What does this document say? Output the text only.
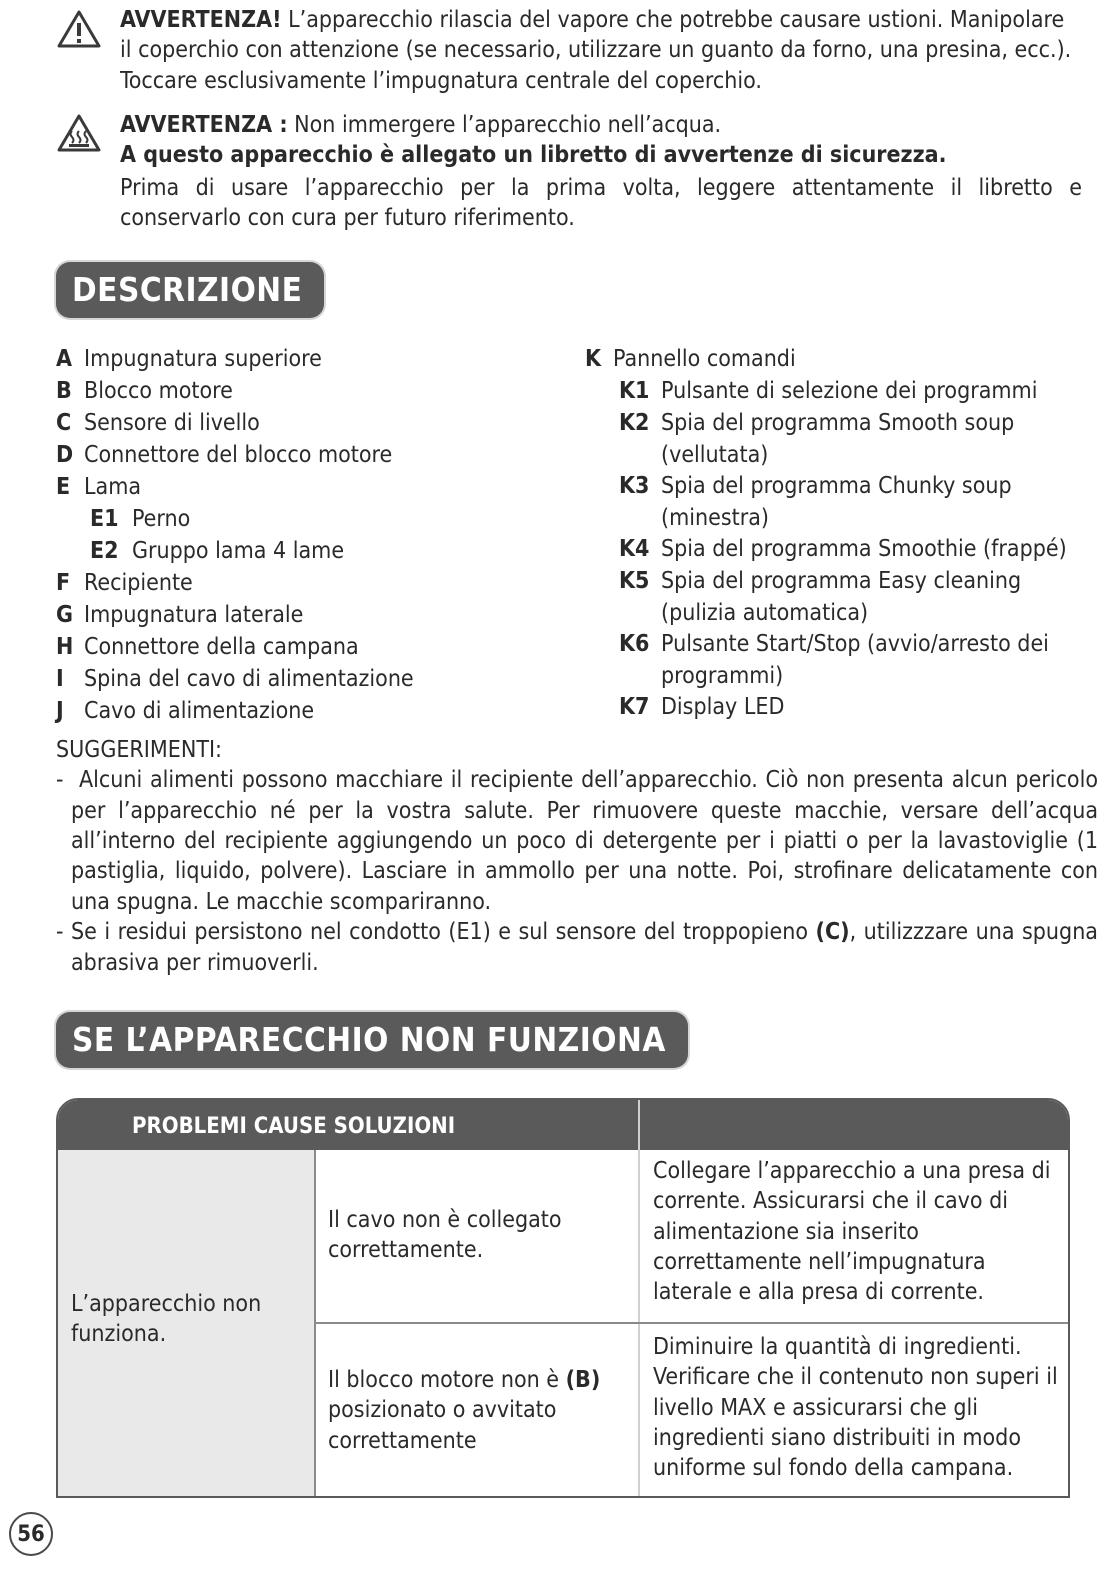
AVVERTENZA! L’apparecchio rilascia del vapore che potrebbe causare ustioni. Manipolare il coperchio con attenzione (se necessario, utilizzare un guanto da forno, una presina, ecc.). Toccare esclusivamente l’impugnatura centrale del coperchio.

AVVERTENZA : Non immergere l’apparecchio nell’acqua.

A questo apparecchio è allegato un libretto di avvertenze di sicurezza.

Prima di usare l’apparecchio per la prima volta, leggere attentamente il libretto e conservarlo con cura per futuro riferimento.

DESCRIZIONE
A Impugnatura superiore
B Blocco motore
C Sensore di livello
D Connettore del blocco motore
E Lama
E1 Perno
E2 Gruppo lama 4 lame
F Recipiente
G Impugnatura laterale
H Connettore della campana
I Spina del cavo di alimentazione
J Cavo di alimentazione
K Pannello comandi
K1 Pulsante di selezione dei programmi
K2 Spia del programma Smooth soup
(vellutata)
K3 Spia del programma Chunky soup
(minestra)
K4 Spia del programma Smoothie (frappé)
K5 Spia del programma Easy cleaning
(pulizia automatica)
K6 Pulsante Start/Stop (avvio/arresto dei
programmi)
K7 Display LED

SUGGERIMENTI:

- Alcuni alimenti possono macchiare il recipiente dell’apparecchio. Ciò non presenta alcun pericolo per l’apparecchio né per la vostra salute. Per rimuovere queste macchie, versare dell’acqua all’interno del recipiente aggiungendo un poco di detergente per i piatti o per la lavastoviglie (1 pastiglia, liquido, polvere). Lasciare in ammollo per una notte. Poi, strofinare delicatamente con una spugna. Le macchie scompariranno.

- Se i residui persistono nel condotto (E1) e sul sensore del troppopieno (C), utilizzzare una spugna abrasiva per rimuoverli.

SE L’APPARECCHIO NON FUNZIONA
PROBLEMI CAUSE SOLUZIONI
L’apparecchio non funziona.
Il cavo non è collegato correttamente.
Collegare l’apparecchio a una presa di corrente. Assicurarsi che il cavo di alimentazione sia inserito correttamente nell’impugnatura laterale e alla presa di corrente.
Il blocco motore non è (B) posizionato o avvitato correttamente
Diminuire la quantità di ingredienti. Verificare che il contenuto non superi il livello MAX e assicurarsi che gli ingredienti siano distribuiti in modo uniforme sul fondo della campana.
56
